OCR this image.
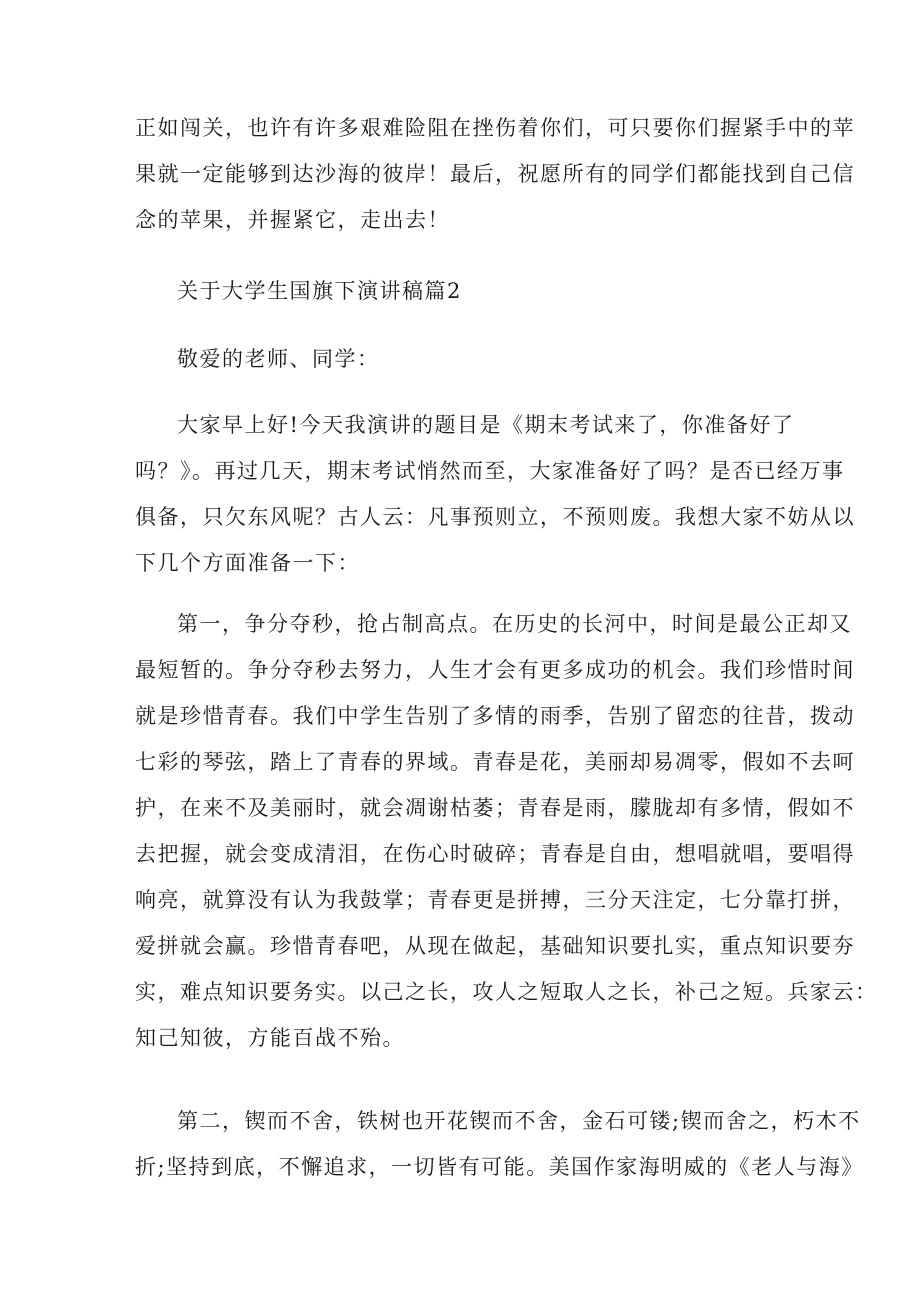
正如闯关，也许有许多艰难险阻在挫伤着你们，可只要你们握紧手中的苹
果就一定能够到达沙海的彼岸！最后，祝愿所有的同学们都能找到自己信
念的苹果，并握紧它，走出去！
关于大学生国旗下演讲稿篇2
敬爱的老师、同学：
大家早上好!今天我演讲的题目是《期末考试来了，你准备好了
吗？》。再过几天，期末考试悄然而至，大家准备好了吗？是否已经万事
俱备，只欠东风呢？古人云：凡事预则立，不预则废。我想大家不妨从以
下几个方面准备一下：
第一，争分夺秒，抢占制高点。在历史的长河中，时间是最公正却又
最短暂的。争分夺秒去努力，人生才会有更多成功的机会。我们珍惜时间
就是珍惜青春。我们中学生告别了多情的雨季，告别了留恋的往昔，拨动
七彩的琴弦，踏上了青春的界域。青春是花，美丽却易凋零，假如不去呵
护，在来不及美丽时，就会凋谢枯萎；青春是雨，朦胧却有多情，假如不
去把握，就会变成清泪，在伤心时破碎；青春是自由，想唱就唱，要唱得
响亮，就算没有认为我鼓掌；青春更是拼搏，三分天注定，七分靠打拼，
爱拼就会赢。珍惜青春吧，从现在做起，基础知识要扎实，重点知识要夯
实，难点知识要务实。以己之长，攻人之短取人之长，补己之短。兵家云：
知己知彼，方能百战不殆。
第二，锲而不舍，铁树也开花锲而不舍，金石可镂;锲而舍之，朽木不
折;坚持到底，不懈追求，一切皆有可能。美国作家海明威的《老人与海》
